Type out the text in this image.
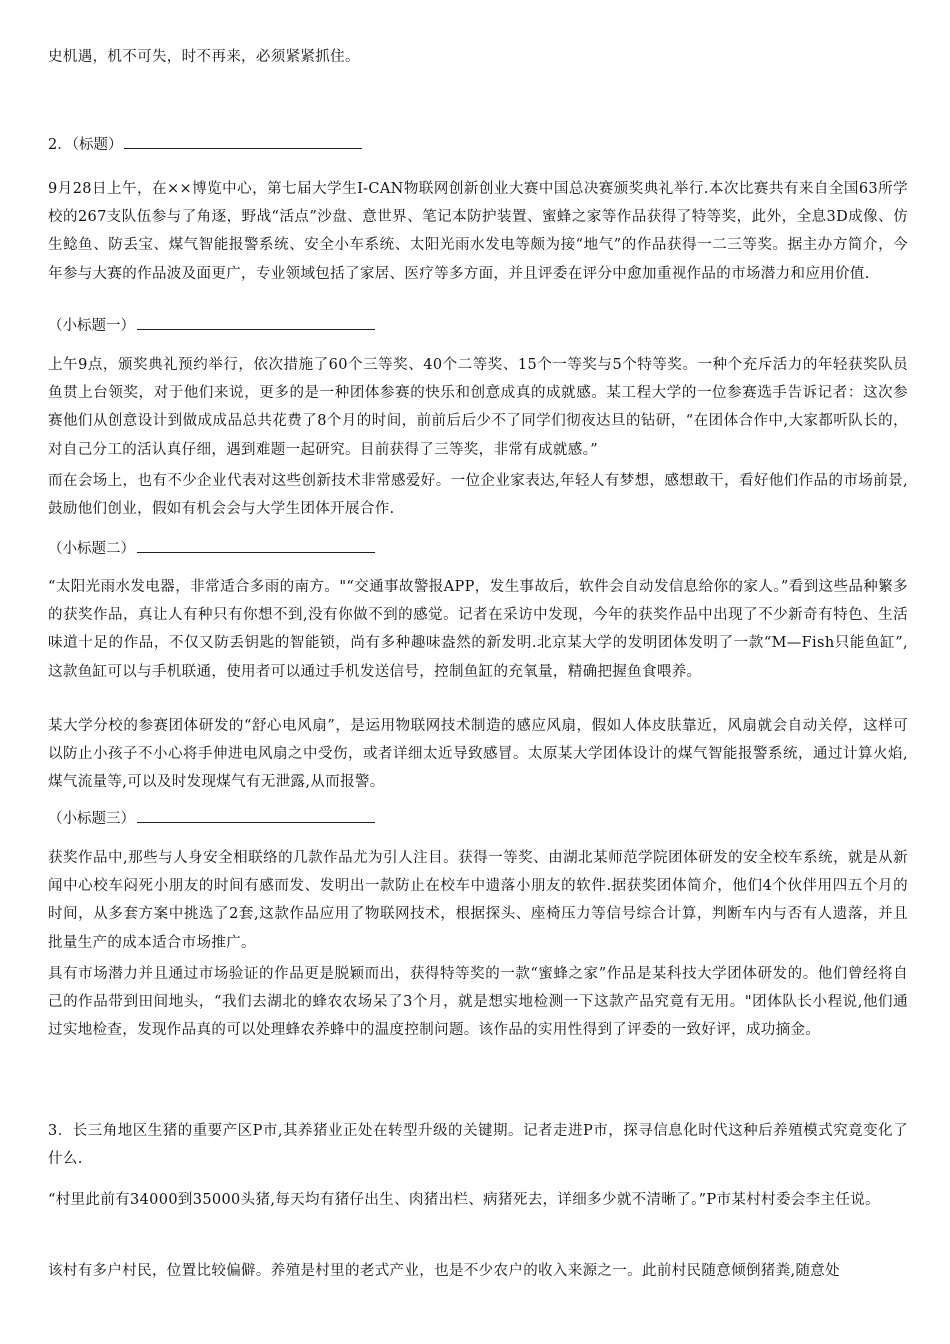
史机遇，机不可失，时不再来，必须紧紧抓住。

2．（标题）

9月28日上午，在××博览中心，第七届大学生I-CAN物联网创新创业大赛中国总决赛颁奖典礼举行.本次比赛共有来自全国63所学校的267支队伍参与了角逐，野战“活点”沙盘、意世界、笔记本防护装置、蜜蜂之家等作品获得了特等奖，此外，全息3D成像、仿生鲶鱼、防丢宝、煤气智能报警系统、安全小车系统、太阳光雨水发电等颇为接“地气”的作品获得一二三等奖。据主办方简介，今年参与大赛的作品波及面更广，专业领域包括了家居、医疗等多方面，并且评委在评分中愈加重视作品的市场潜力和应用价值.

（小标题一）

上午9点，颁奖典礼预约举行，依次措施了60个三等奖、40个二等奖、15个一等奖与5个特等奖。一种个充斥活力的年轻获奖队员鱼贯上台领奖，对于他们来说，更多的是一种团体参赛的快乐和创意成真的成就感。某工程大学的一位参赛选手告诉记者：这次参赛他们从创意设计到做成成品总共花费了8个月的时间，前前后后少不了同学们彻夜达旦的钻研，“在团体合作中,大家都听队长的，对自己分工的活认真仔细，遇到难题一起研究。目前获得了三等奖，非常有成就感。”

而在会场上，也有不少企业代表对这些创新技术非常感爱好。一位企业家表达,年轻人有梦想，感想敢干，看好他们作品的市场前景,鼓励他们创业，假如有机会会与大学生团体开展合作.

（小标题二）

“太阳光雨水发电器，非常适合多雨的南方。"“交通事故警报APP，发生事故后，软件会自动发信息给你的家人。”看到这些品种繁多的获奖作品，真让人有种只有你想不到,没有你做不到的感觉。记者在采访中发现，今年的获奖作品中出现了不少新奇有特色、生活味道十足的作品，不仅又防丢钥匙的智能锁，尚有多种趣味盎然的新发明.北京某大学的发明团体发明了一款“M—Fish只能鱼缸”,这款鱼缸可以与手机联通，使用者可以通过手机发送信号，控制鱼缸的充氧量，精确把握鱼食喂养。

某大学分校的参赛团体研发的“舒心电风扇”，是运用物联网技术制造的感应风扇，假如人体皮肤靠近，风扇就会自动关停，这样可以防止小孩子不小心将手伸进电风扇之中受伤，或者详细太近导致感冒。太原某大学团体设计的煤气智能报警系统，通过计算火焰,煤气流量等,可以及时发现煤气有无泄露,从而报警。

（小标题三）

获奖作品中,那些与人身安全相联络的几款作品尤为引人注目。获得一等奖、由湖北某师范学院团体研发的安全校车系统，就是从新闻中心校车闷死小朋友的时间有感而发、发明出一款防止在校车中遗落小朋友的软件.据获奖团体简介，他们4个伙伴用四五个月的时间，从多套方案中挑选了2套,这款作品应用了物联网技术，根据探头、座椅压力等信号综合计算，判断车内与否有人遗落，并且批量生产的成本适合市场推广。

具有市场潜力并且通过市场验证的作品更是脱颖而出，获得特等奖的一款“蜜蜂之家”作品是某科技大学团体研发的。他们曾经将自己的作品带到田间地头，“我们去湖北的蜂农农场呆了3个月，就是想实地检测一下这款产品究竟有无用。"团体队长小程说,他们通过实地检查，发现作品真的可以处理蜂农养蜂中的温度控制问题。该作品的实用性得到了评委的一致好评，成功摘金。

3．长三角地区生猪的重要产区P市,其养猪业正处在转型升级的关键期。记者走进P市，探寻信息化时代这种后养殖模式究竟变化了什么.

“村里此前有34000到35000头猪,每天均有猪仔出生、肉猪出栏、病猪死去，详细多少就不清晰了。”P市某村村委会李主任说。

该村有多户村民，位置比较偏僻。养殖是村里的老式产业，也是不少农户的收入来源之一。此前村民随意倾倒猪粪,随意处
